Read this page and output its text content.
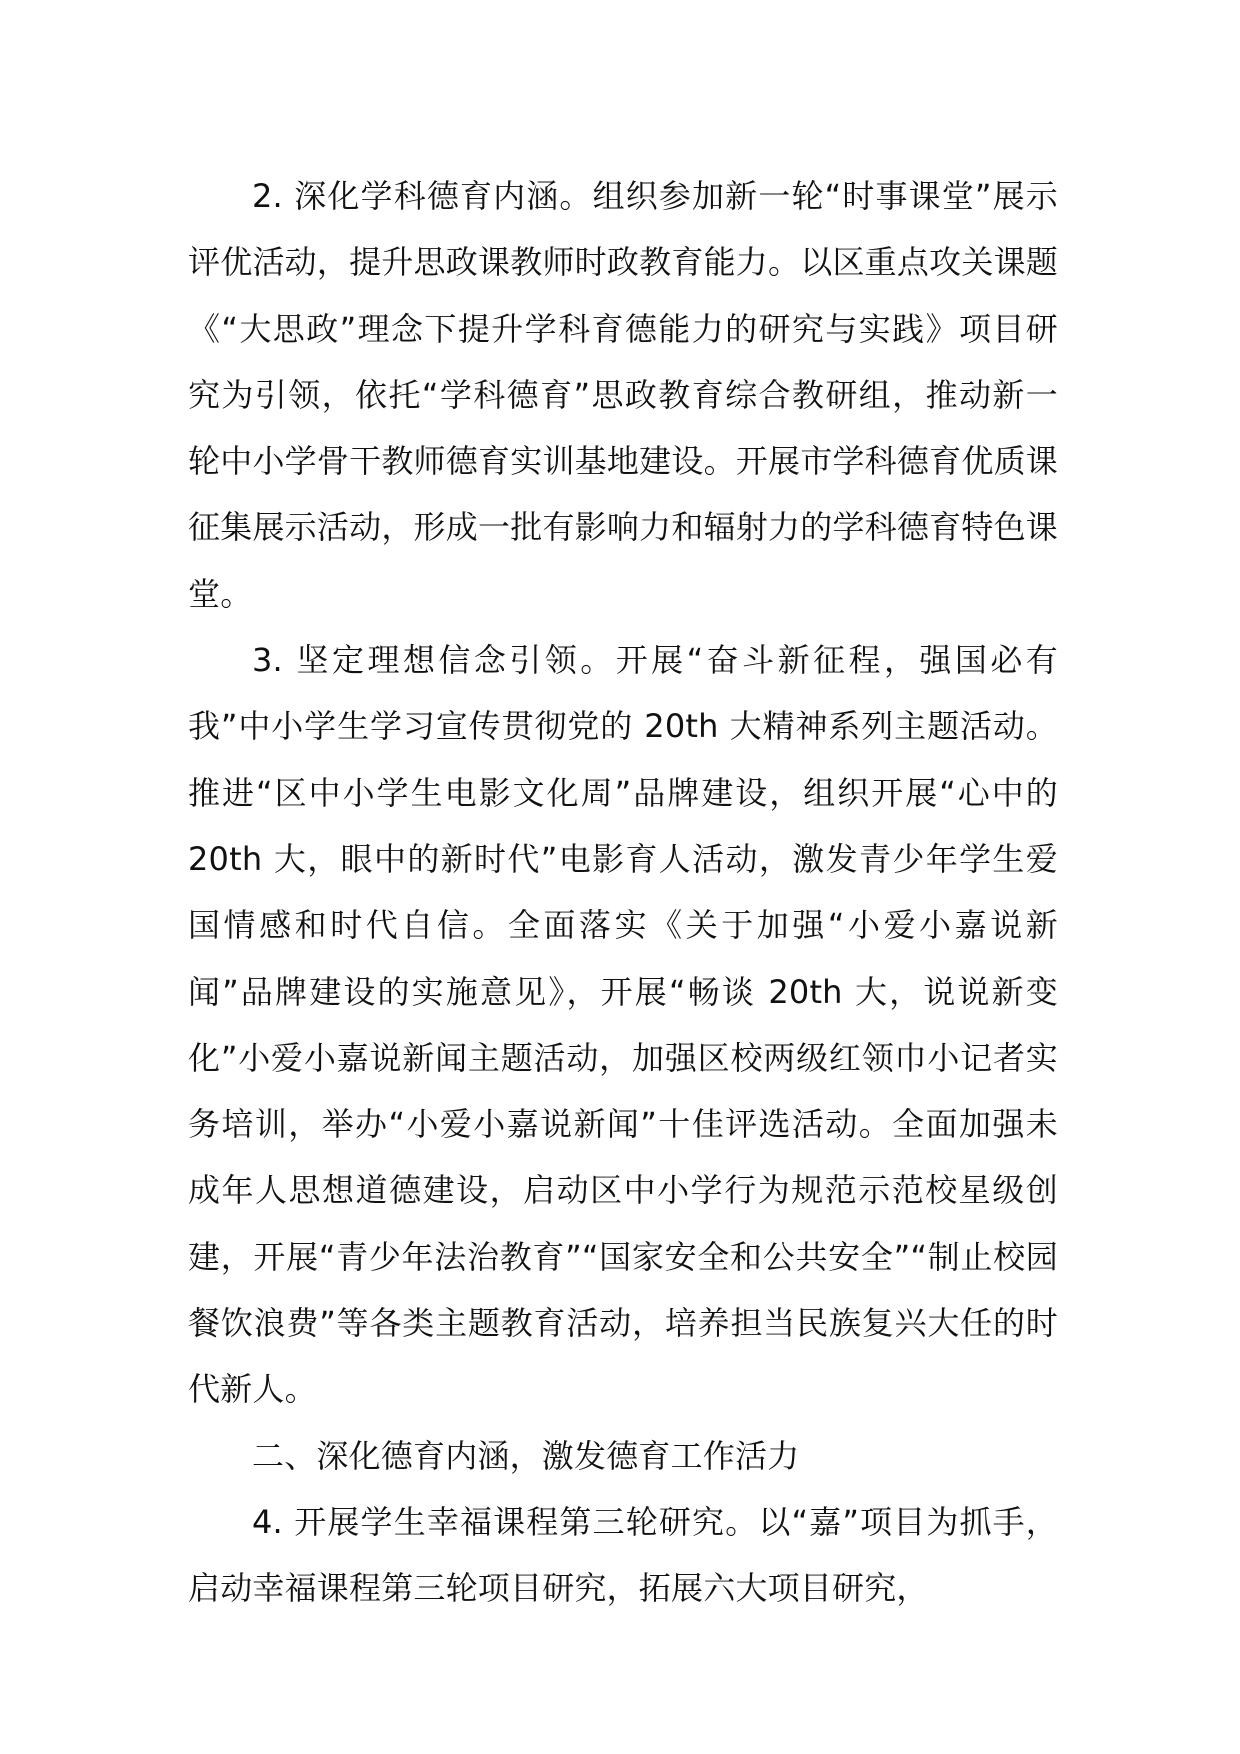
2. 深化学科德育内涵。组织参加新一轮“时事课堂”展示评优活动，提升思政课教师时政教育能力。以区重点攻关课题《“大思政”理念下提升学科育德能力的研究与实践》项目研究为引领，依托“学科德育”思政教育综合教研组，推动新一轮中小学骨干教师德育实训基地建设。开展市学科德育优质课征集展示活动，形成一批有影响力和辐射力的学科德育特色课堂。

3. 坚定理想信念引领。开展“奋斗新征程，强国必有我”中小学生学习宣传贯彻党的 20th 大精神系列主题活动。推进“区中小学生电影文化周”品牌建设，组织开展“心中的 20th 大，眼中的新时代”电影育人活动，激发青少年学生爱国情感和时代自信。全面落实《关于加强“小爱小嘉说新闻”品牌建设的实施意见》，开展“畅谈 20th 大，说说新变化”小爱小嘉说新闻主题活动，加强区校两级红领巾小记者实务培训，举办“小爱小嘉说新闻”十佳评选活动。全面加强未成年人思想道德建设，启动区中小学行为规范示范校星级创建，开展“青少年法治教育”“国家安全和公共安全”“制止校园餐饮浪费”等各类主题教育活动，培养担当民族复兴大任的时代新人。

二、深化德育内涵，激发德育工作活力

4. 开展学生幸福课程第三轮研究。以“嘉”项目为抓手，启动幸福课程第三轮项目研究，拓展六大项目研究，
